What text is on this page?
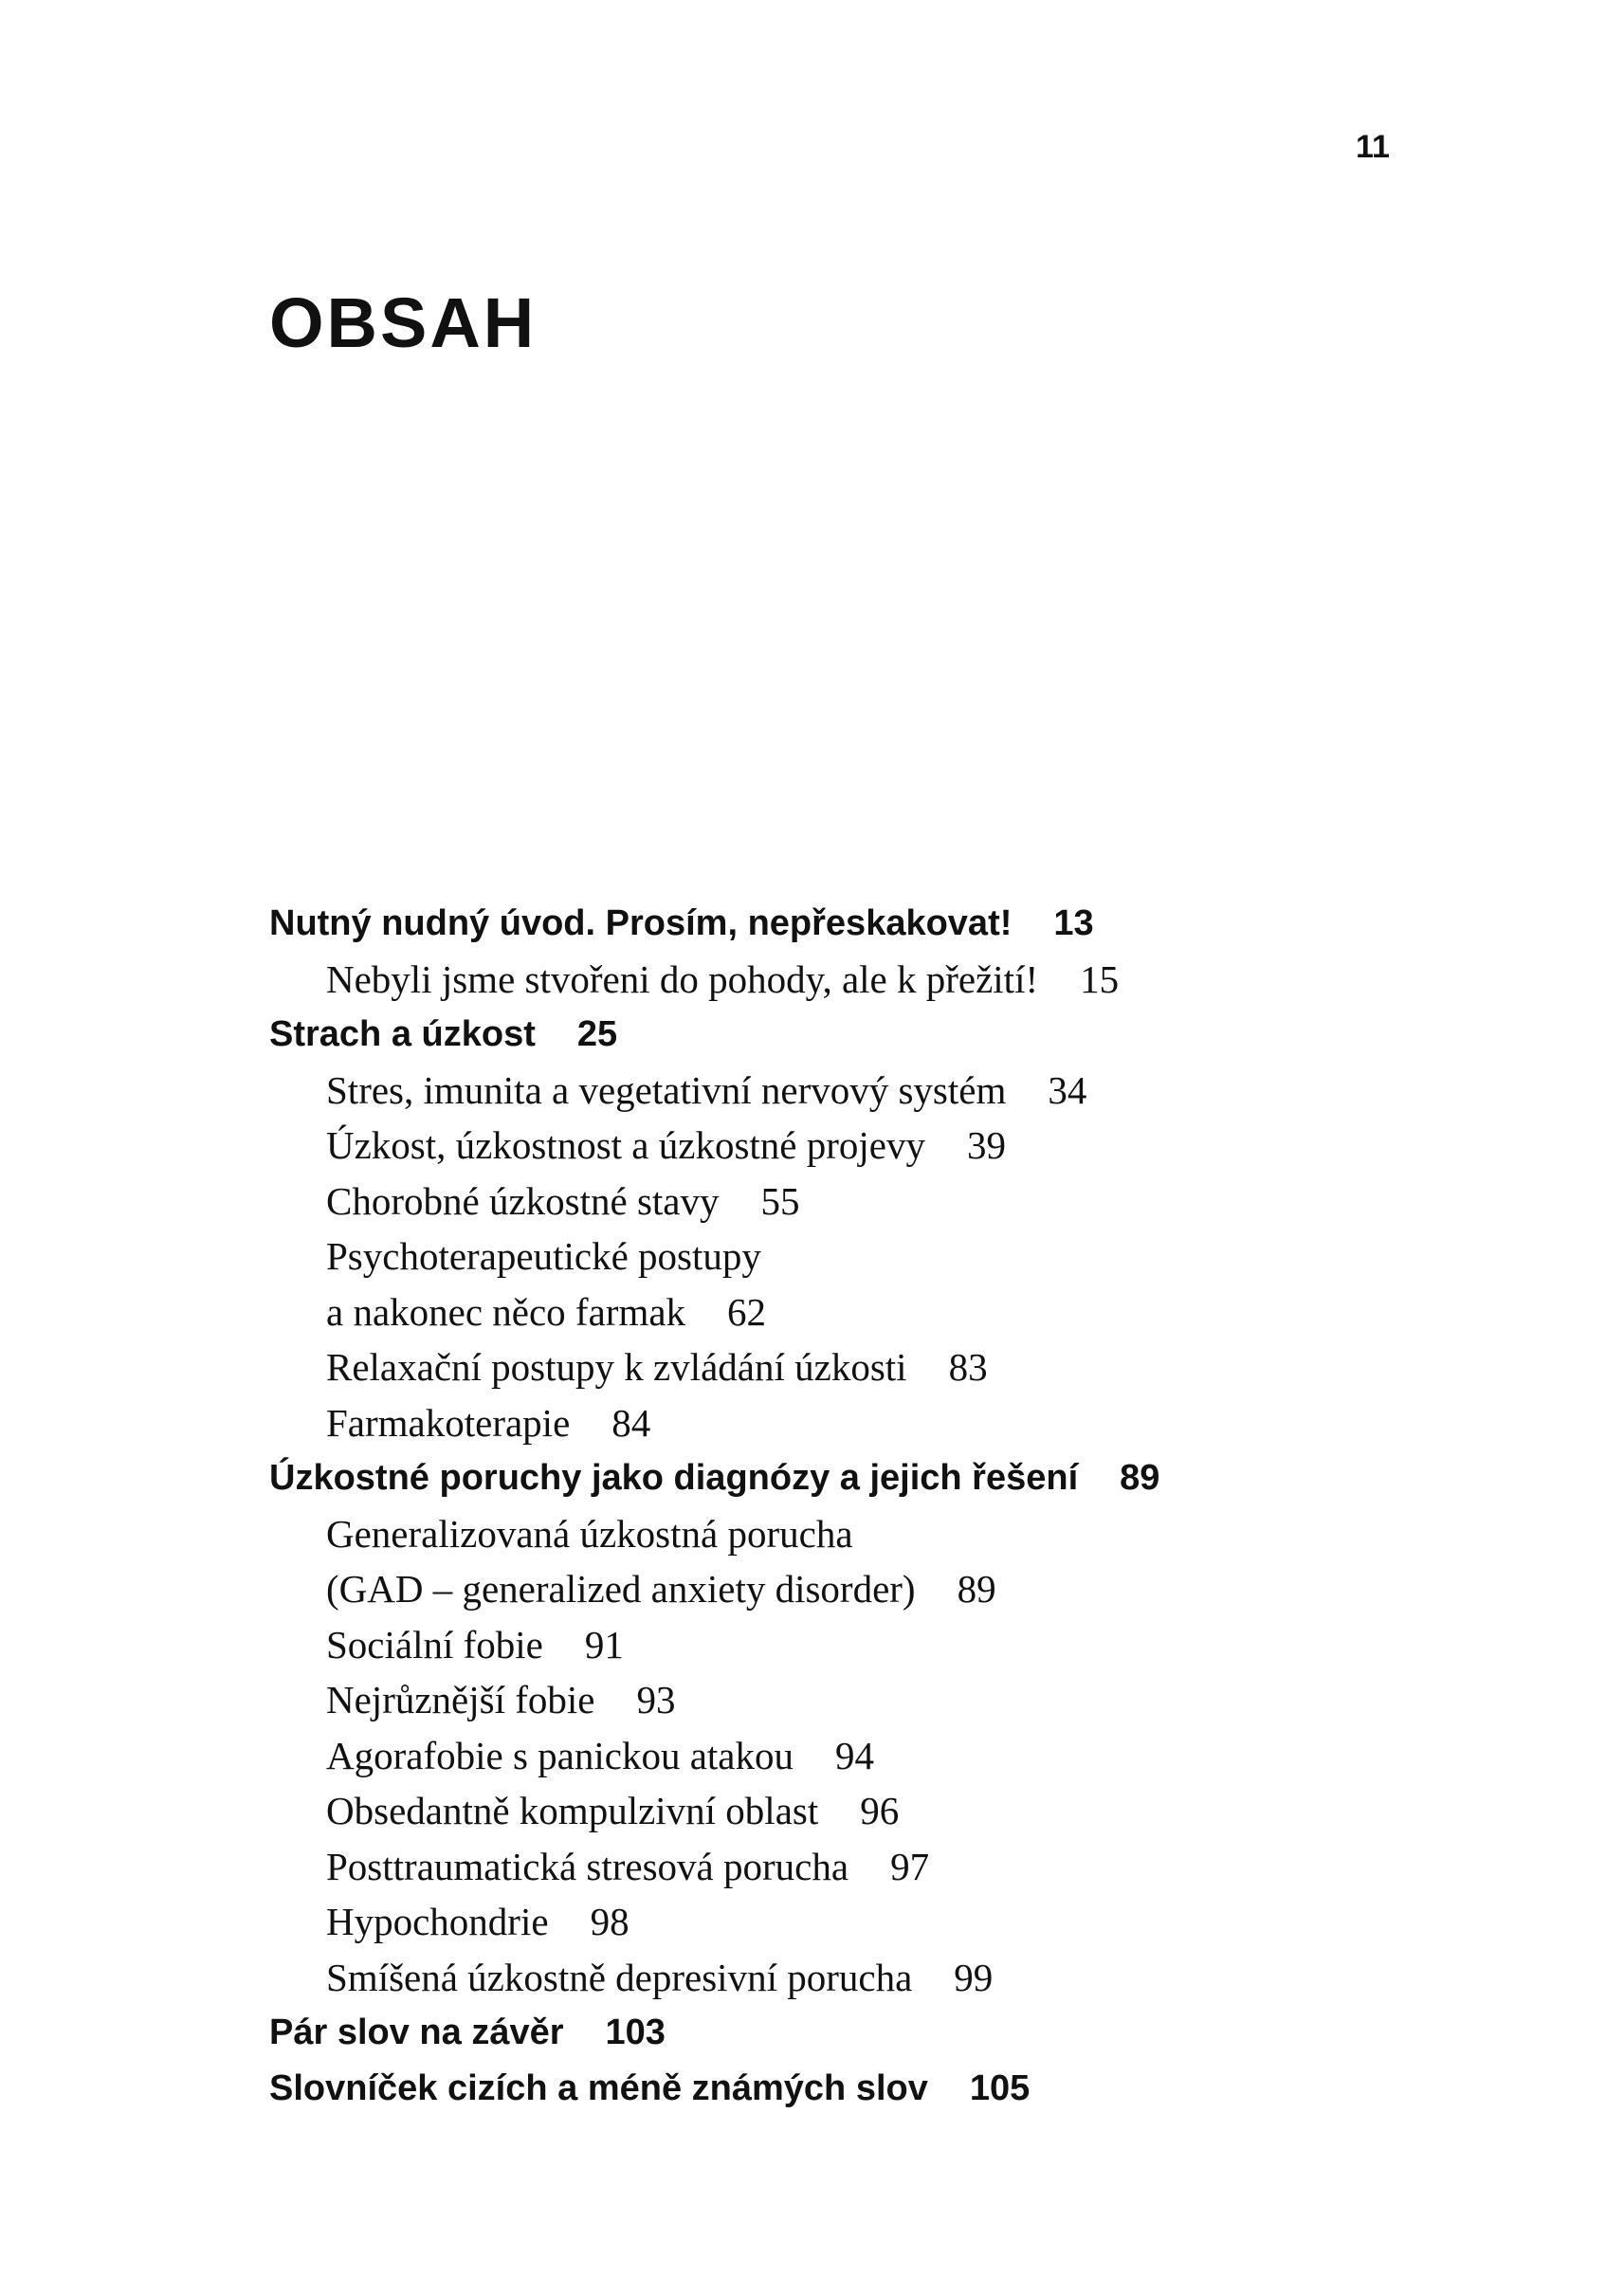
11
OBSAH
Nutný nudný úvod. Prosím, nepřeskakovat! 13
Nebyli jsme stvořeni do pohody, ale k přežití! 15
Strach a úzkost 25
Stres, imunita a vegetativní nervový systém 34
Úzkost, úzkostnost a úzkostné projevy 39
Chorobné úzkostné stavy 55
Psychoterapeutické postupy
a nakonec něco farmak 62
Relaxační postupy k zvládání úzkosti 83
Farmakoterapie 84
Úzkostné poruchy jako diagnózy a jejich řešení 89
Generalizovaná úzkostná porucha
(GAD – generalized anxiety disorder) 89
Sociální fobie 91
Nejrůznější fobie 93
Agorafobie s panickou atakou 94
Obsedantně kompulzivní oblast 96
Posttraumatická stresová porucha 97
Hypochondrie 98
Smíšená úzkostně depresivní porucha 99
Pár slov na závěr 103
Slovníček cizích a méně známých slov 105
